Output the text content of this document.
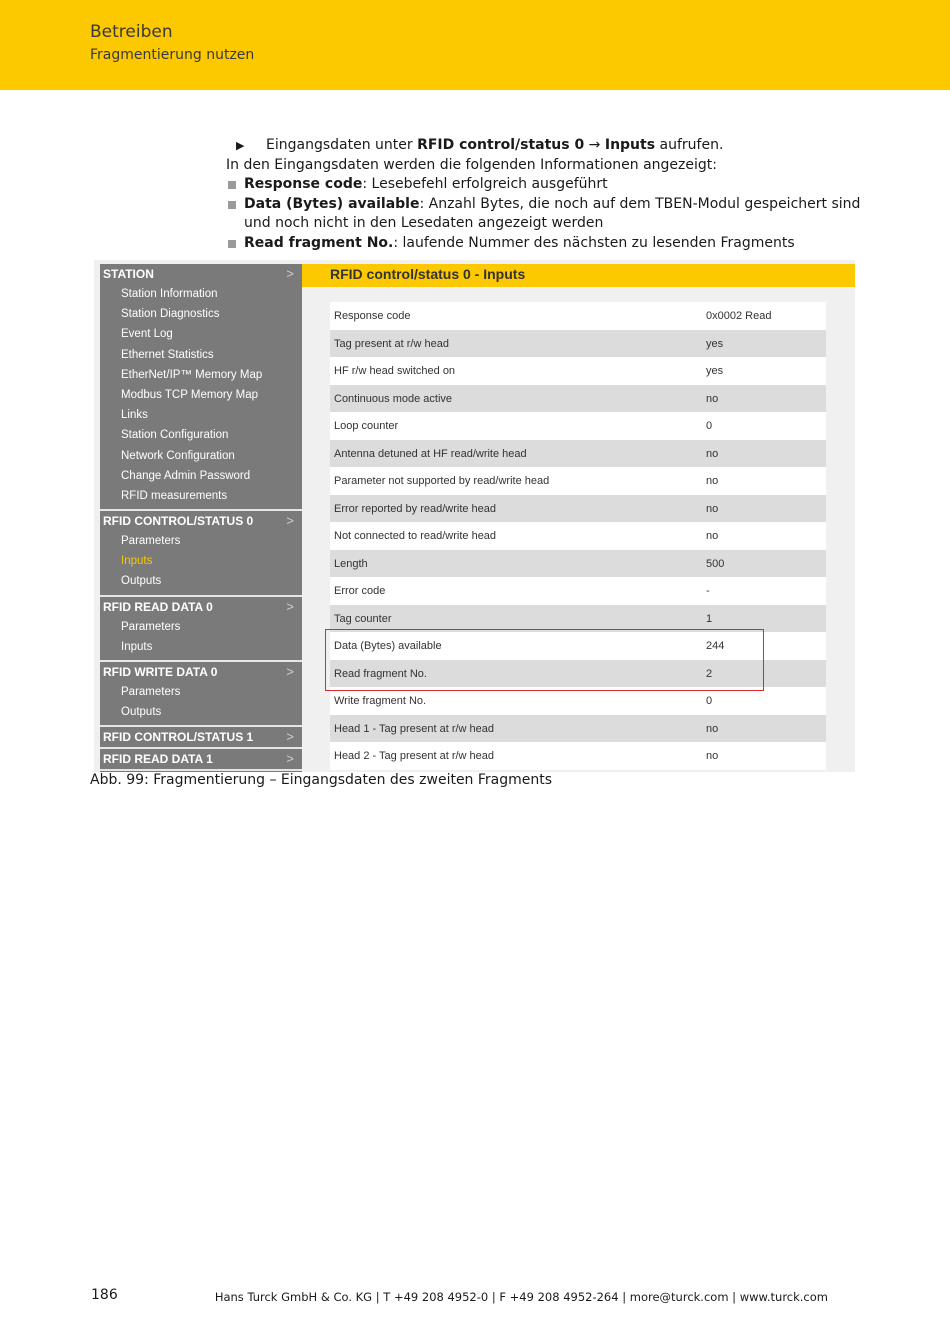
Betreiben
Fragmentierung nutzen
▶ Eingangsdaten unter RFID control/status 0 → Inputs aufrufen.
In den Eingangsdaten werden die folgenden Informationen angezeigt:
Response code: Lesebefehl erfolgreich ausgeführt
Data (Bytes) available: Anzahl Bytes, die noch auf dem TBEN-Modul gespeichert sind und noch nicht in den Lesedaten angezeigt werden
Read fragment No.: laufende Nummer des nächsten zu lesenden Fragments
STATION	>
Station Information
Station Diagnostics
Event Log
Ethernet Statistics
EtherNet/IP™ Memory Map
Modbus TCP Memory Map
Links
Station Configuration
Network Configuration
Change Admin Password
RFID measurements
RFID CONTROL/STATUS 0	>
Parameters
Inputs
Outputs
RFID READ DATA 0	>
Parameters
Inputs
RFID WRITE DATA 0	>
Parameters
Outputs
RFID CONTROL/STATUS 1	>
RFID READ DATA 1	>
RFID control/status 0 - Inputs
Response code	0x0002 Read
Tag present at r/w head	yes
HF r/w head switched on	yes
Continuous mode active	no
Loop counter	0
Antenna detuned at HF read/write head	no
Parameter not supported by read/write head	no
Error reported by read/write head	no
Not connected to read/write head	no
Length	500
Error code	-
Tag counter	1
Data (Bytes) available	244
Read fragment No.	2
Write fragment No.	0
Head 1 - Tag present at r/w head	no
Head 2 - Tag present at r/w head	no
Abb. 99: Fragmentierung – Eingangsdaten des zweiten Fragments
186	Hans Turck GmbH & Co. KG | T +49 208 4952-0 | F +49 208 4952-264 | more@turck.com | www.turck.com
